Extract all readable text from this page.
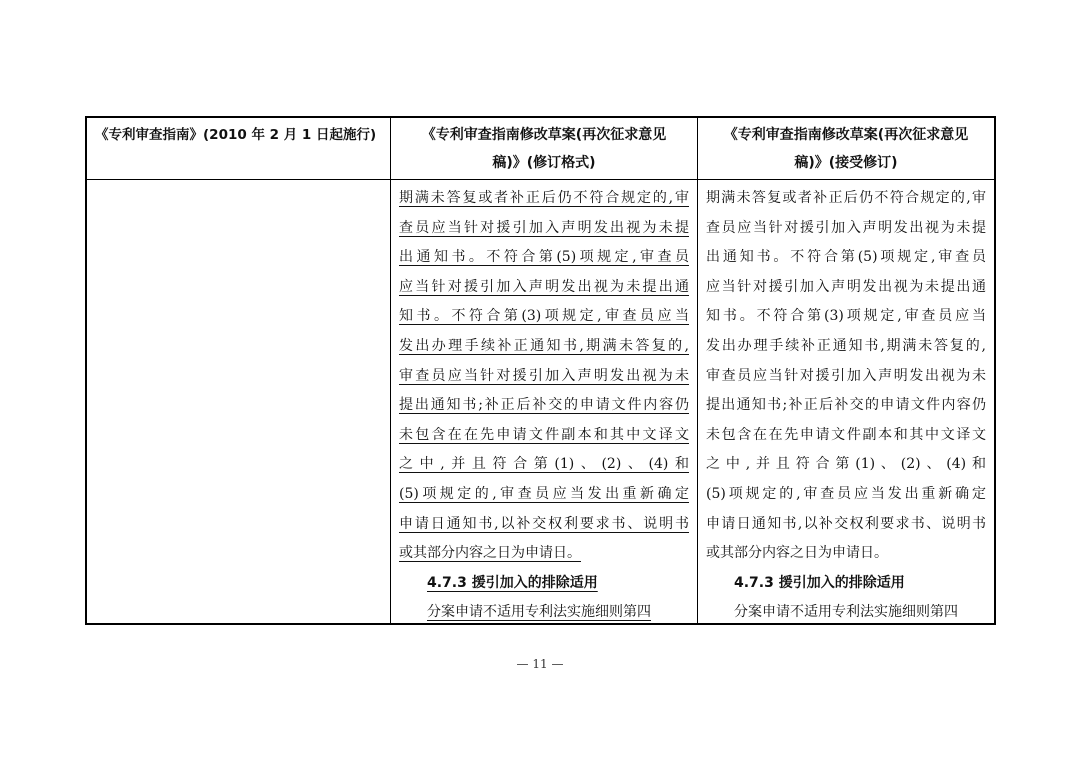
《专利审查指南》(2010 年 2 月 1 日起施行)	《专利审查指南修改草案(再次征求意见
稿)》(修订格式)
《专利审查指南修改草案(再次征求意见
稿)》(接受修订)
期满未答复或者补正后仍不符合规定的,审
查员应当针对援引加入声明发出视为未提
出通知书。不符合第(5)项规定,审查员
应当针对援引加入声明发出视为未提出通
知书。不符合第(3)项规定,审查员应当
发出办理手续补正通知书,期满未答复的,
审查员应当针对援引加入声明发出视为未
提出通知书;补正后补交的申请文件内容仍
未包含在在先申请文件副本和其中文译文
之中,并且符合第(1)、(2)、(4)和
(5)项规定的,审查员应当发出重新确定
申请日通知书,以补交权利要求书、说明书
或其部分内容之日为申请日。
4.7.3 援引加入的排除适用
分案申请不适用专利法实施细则第四
期满未答复或者补正后仍不符合规定的,审
查员应当针对援引加入声明发出视为未提
出通知书。不符合第(5)项规定,审查员
应当针对援引加入声明发出视为未提出通
知书。不符合第(3)项规定,审查员应当
发出办理手续补正通知书,期满未答复的,
审查员应当针对援引加入声明发出视为未
提出通知书;补正后补交的申请文件内容仍
未包含在在先申请文件副本和其中文译文
之中,并且符合第(1)、(2)、(4)和
(5)项规定的,审查员应当发出重新确定
申请日通知书,以补交权利要求书、说明书
或其部分内容之日为申请日。
4.7.3 援引加入的排除适用
分案申请不适用专利法实施细则第四
— 11 —
